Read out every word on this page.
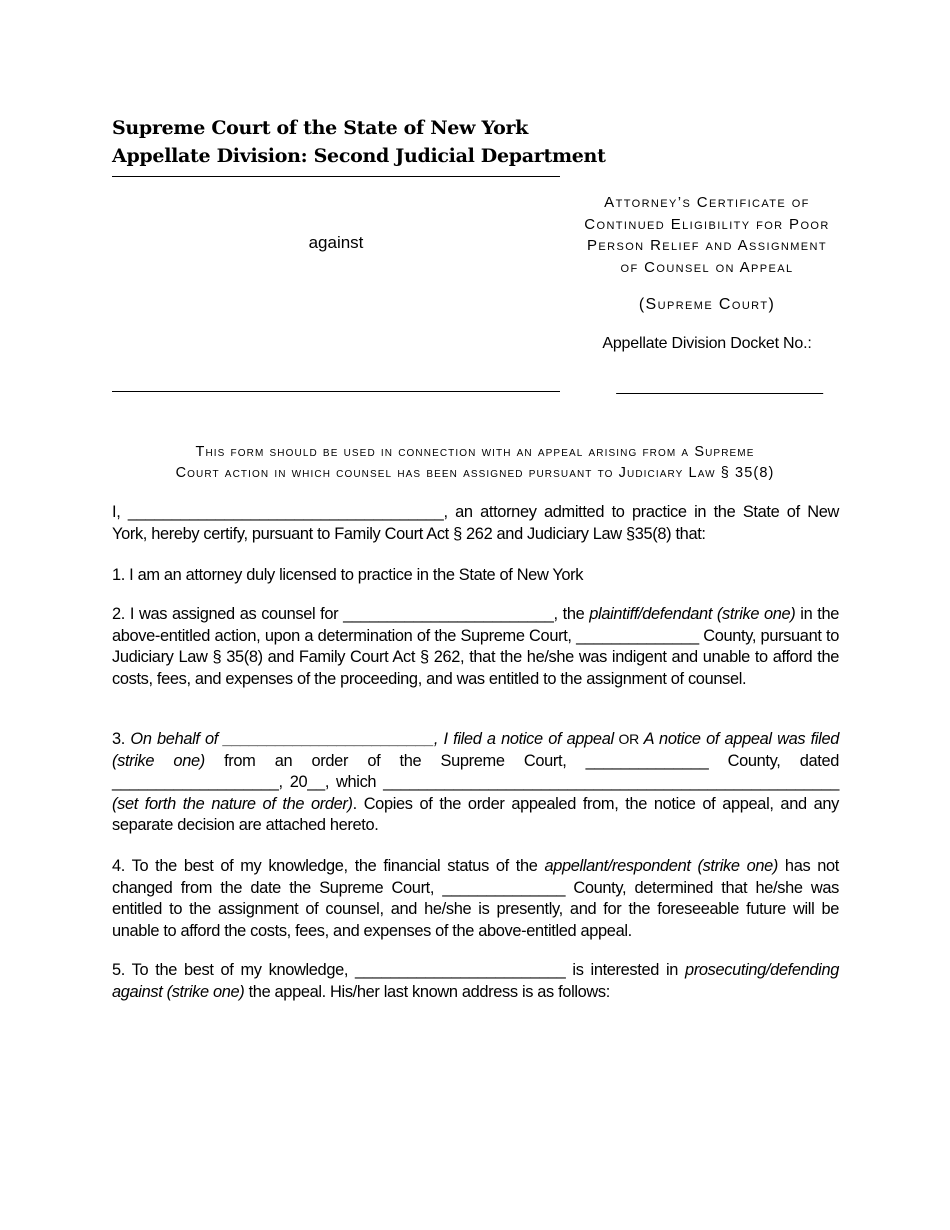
Supreme Court of the State of New York
Appellate Division: Second Judicial Department
against
Attorney’s Certificate of
Continued Eligibility for Poor
Person Relief and Assignment
of Counsel on Appeal
(Supreme Court)
Appellate Division Docket No.:
________________________
This form should be used in connection with an appeal arising from a Supreme
Court action in which counsel has been assigned pursuant to Judiciary Law § 35(8)
I, ____________________________________, an attorney admitted to practice in the State of New York, hereby certify, pursuant to Family Court Act § 262 and Judiciary Law §35(8) that:
1. I am an attorney duly licensed to practice in the State of New York
2. I was assigned as counsel for ________________________, the plaintiff/defendant (strike one) in the above-entitled action, upon a determination of the Supreme Court, ______________ County, pursuant to Judiciary Law § 35(8) and Family Court Act § 262, that the he/she was indigent and unable to afford the costs, fees, and expenses of the proceeding, and was entitled to the assignment of counsel.
3. On behalf of ________________________, I filed a notice of appeal OR A notice of appeal was filed (strike one) from an order of the Supreme Court, ______________ County, dated ___________________, 20__, which ____________________________________________________ (set forth the nature of the order). Copies of the order appealed from, the notice of appeal, and any separate decision are attached hereto.
4. To the best of my knowledge, the financial status of the appellant/respondent (strike one) has not changed from the date the Supreme Court, ______________ County, determined that he/she was entitled to the assignment of counsel, and he/she is presently, and for the foreseeable future will be unable to afford the costs, fees, and expenses of the above-entitled appeal.
5. To the best of my knowledge, ________________________ is interested in prosecuting/defending against (strike one) the appeal. His/her last known address is as follows:
